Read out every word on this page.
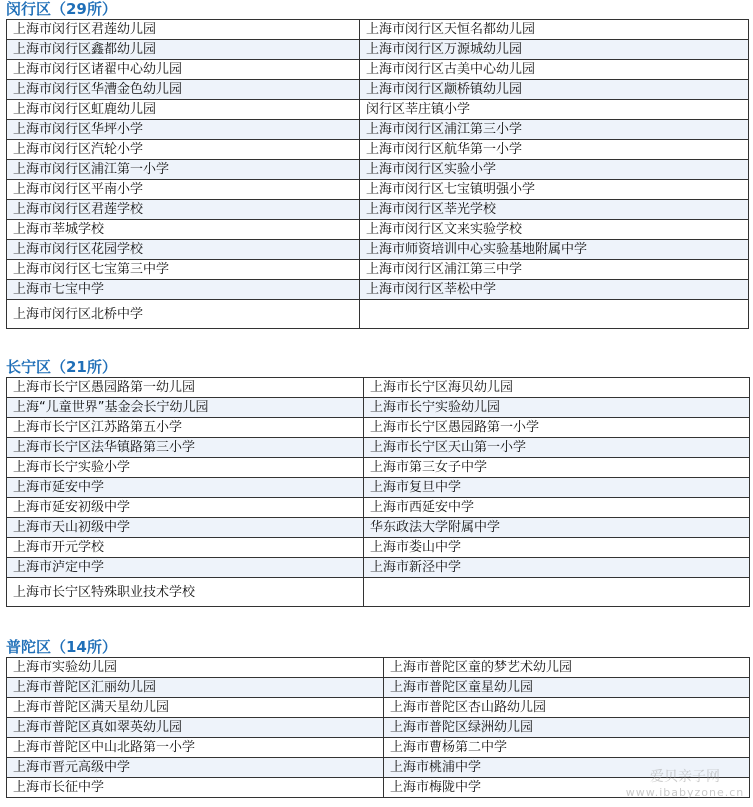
闵行区（29所）
上海市闵行区君莲幼儿园	上海市闵行区天恒名都幼儿园
上海市闵行区鑫都幼儿园	上海市闵行区万源城幼儿园
上海市闵行区诸翟中心幼儿园	上海市闵行区古美中心幼儿园
上海市闵行区华漕金色幼儿园	上海市闵行区颛桥镇幼儿园
上海市闵行区虹鹿幼儿园	闵行区莘庄镇小学
上海市闵行区华坪小学	上海市闵行区浦江第三小学
上海市闵行区汽轮小学	上海市闵行区航华第一小学
上海市闵行区浦江第一小学	上海市闵行区实验小学
上海市闵行区平南小学	上海市闵行区七宝镇明强小学
上海市闵行区君莲学校	上海市闵行区莘光学校
上海市莘城学校	上海市闵行区文来实验学校
上海市闵行区花园学校	上海市师资培训中心实验基地附属中学
上海市闵行区七宝第三中学	上海市闵行区浦江第三中学
上海市七宝中学	上海市闵行区莘松中学
上海市闵行区北桥中学	
长宁区（21所）
上海市长宁区愚园路第一幼儿园	上海市长宁区海贝幼儿园
上海“儿童世界”基金会长宁幼儿园	上海市长宁实验幼儿园
上海市长宁区江苏路第五小学	上海市长宁区愚园路第一小学
上海市长宁区法华镇路第三小学	上海市长宁区天山第一小学
上海市长宁实验小学	上海市第三女子中学
上海市延安中学	上海市复旦中学
上海市延安初级中学	上海市西延安中学
上海市天山初级中学	华东政法大学附属中学
上海市开元学校	上海市娄山中学
上海市泸定中学	上海市新泾中学
上海市长宁区特殊职业技术学校	
普陀区（14所）
上海市实验幼儿园	上海市普陀区童的梦艺术幼儿园
上海市普陀区汇丽幼儿园	上海市普陀区童星幼儿园
上海市普陀区满天星幼儿园	上海市普陀区杏山路幼儿园
上海市普陀区真如翠英幼儿园	上海市普陀区绿洲幼儿园
上海市普陀区中山北路第一小学	上海市曹杨第二中学
上海市晋元高级中学	上海市桃浦中学
上海市长征中学	上海市梅陇中学
爱贝亲子网
www.ibabyzone.cn
